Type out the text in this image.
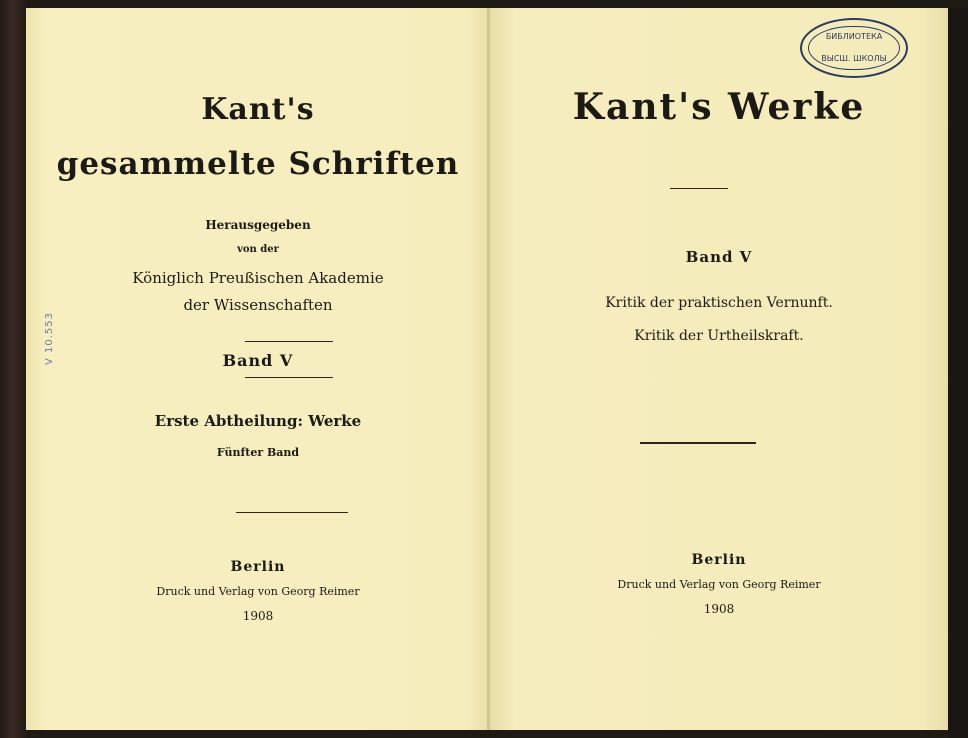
Kant's
gesammelte Schriften
Herausgegeben
von der
Königlich Preußischen Akademie
der Wissenschaften
Band V
Erste Abtheilung: Werke
Fünfter Band
Berlin
Druck und Verlag von Georg Reimer
1908
V 10.553
Kant's Werke
Band V
Kritik der praktischen Vernunft.
Kritik der Urtheilskraft.
Berlin
Druck und Verlag von Georg Reimer
1908
БИБЛИОТЕКА
ВЫСШ. ШКОЛЫ
